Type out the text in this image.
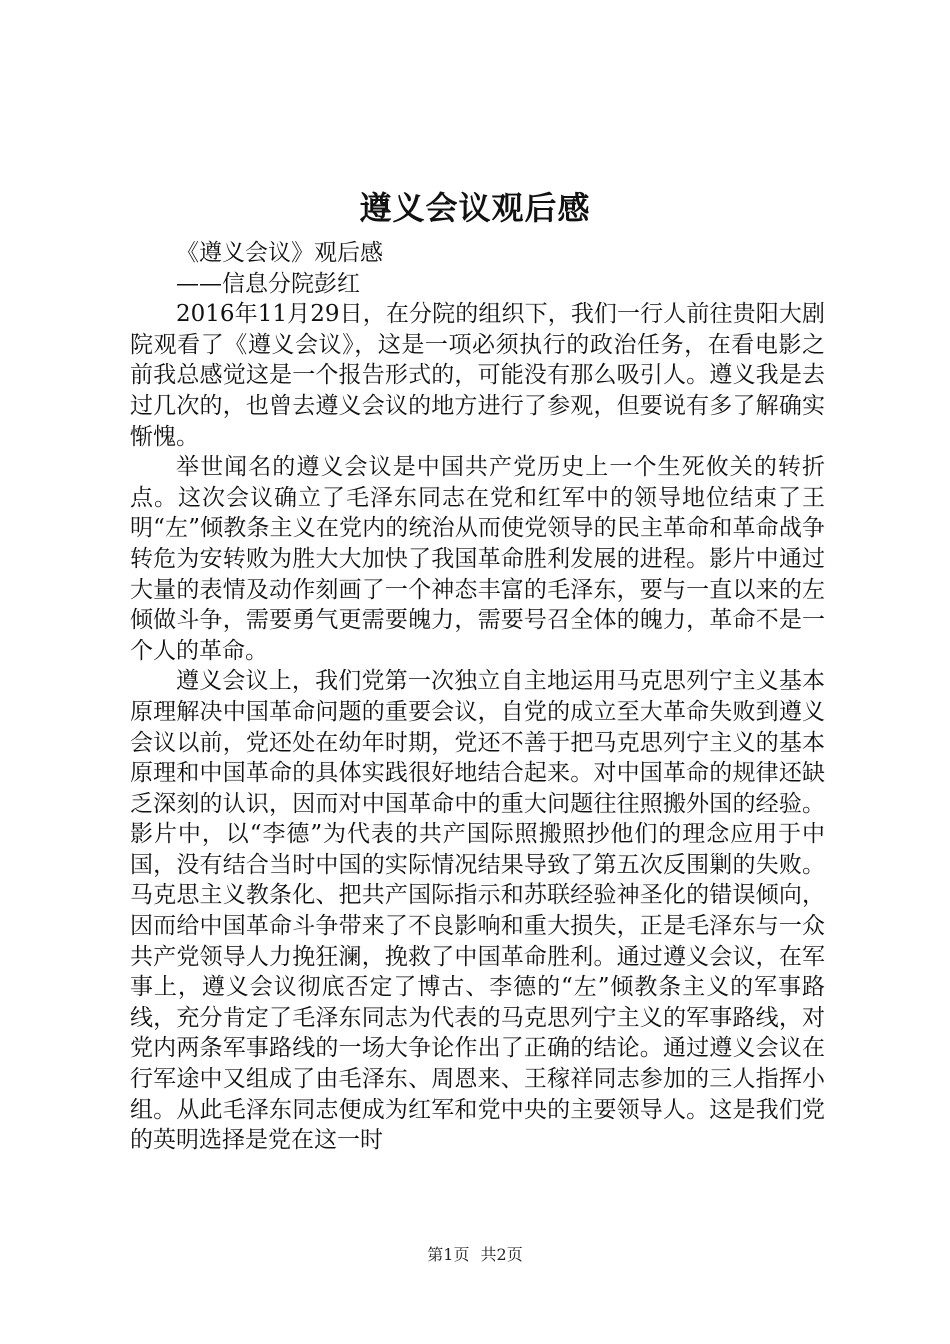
遵义会议观后感

《遵义会议》观后感

——信息分院彭红

2016年11月29日，在分院的组织下，我们一行人前往贵阳大剧院观看了《遵义会议》，这是一项必须执行的政治任务，在看电影之前我总感觉这是一个报告形式的，可能没有那么吸引人。遵义我是去过几次的，也曾去遵义会议的地方进行了参观，但要说有多了解确实惭愧。

举世闻名的遵义会议是中国共产党历史上一个生死攸关的转折点。这次会议确立了毛泽东同志在党和红军中的领导地位结束了王明“左”倾教条主义在党内的统治从而使党领导的民主革命和革命战争转危为安转败为胜大大加快了我国革命胜利发展的进程。影片中通过大量的表情及动作刻画了一个神态丰富的毛泽东，要与一直以来的左倾做斗争，需要勇气更需要魄力，需要号召全体的魄力，革命不是一个人的革命。

遵义会议上，我们党第一次独立自主地运用马克思列宁主义基本原理解决中国革命问题的重要会议，自党的成立至大革命失败到遵义会议以前，党还处在幼年时期，党还不善于把马克思列宁主义的基本原理和中国革命的具体实践很好地结合起来。对中国革命的规律还缺乏深刻的认识，因而对中国革命中的重大问题往往照搬外国的经验。影片中，以“李德”为代表的共产国际照搬照抄他们的理念应用于中国，没有结合当时中国的实际情况结果导致了第五次反围剿的失败。马克思主义教条化、把共产国际指示和苏联经验神圣化的错误倾向，因而给中国革命斗争带来了不良影响和重大损失，正是毛泽东与一众共产党领导人力挽狂澜，挽救了中国革命胜利。通过遵义会议，在军事上，遵义会议彻底否定了博古、李德的“左”倾教条主义的军事路线，充分肯定了毛泽东同志为代表的马克思列宁主义的军事路线，对党内两条军事路线的一场大争论作出了正确的结论。通过遵义会议在行军途中又组成了由毛泽东、周恩来、王稼祥同志参加的三人指挥小组。从此毛泽东同志便成为红军和党中央的主要领导人。这是我们党的英明选择是党在这一时

第1页 共2页
